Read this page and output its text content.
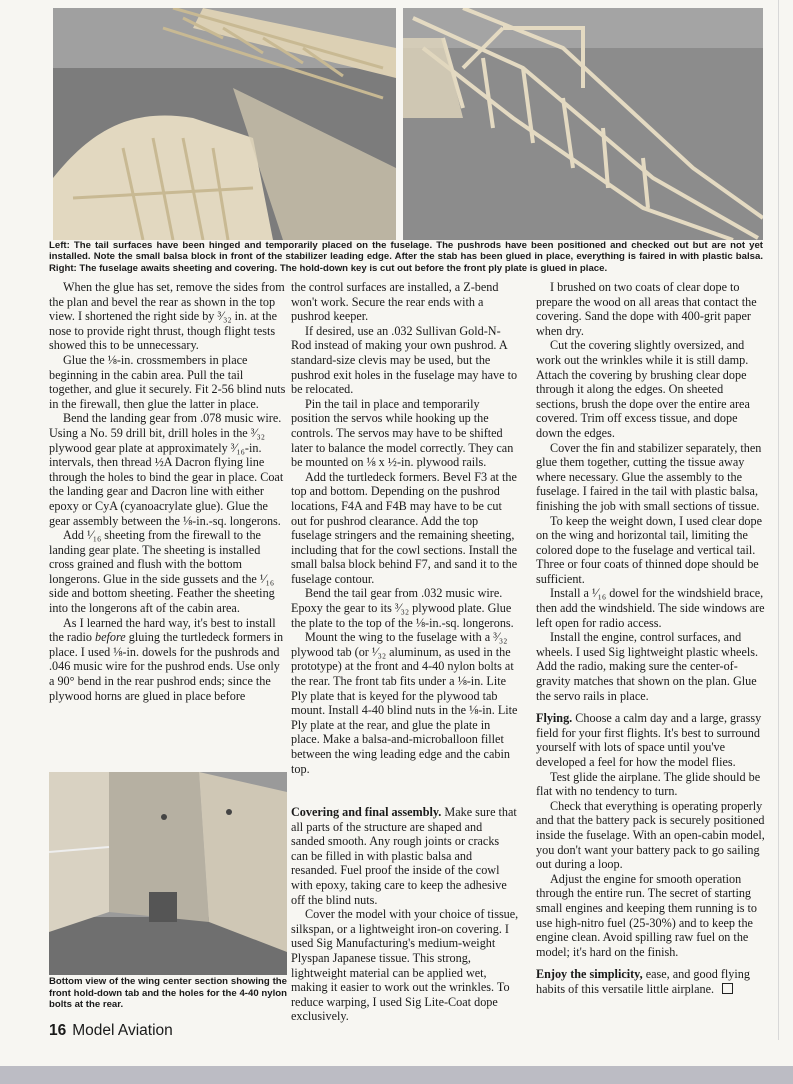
Left: The tail surfaces have been hinged and temporarily placed on the fuselage. The pushrods have been positioned and checked out but are not yet installed. Note the small balsa block in front of the stabilizer leading edge. After the stab has been glued in place, everything is faired in with plastic balsa. Right: The fuselage awaits sheeting and covering. The hold-down key is cut out before the front ply plate is glued in place.
Bottom view of the wing center section showing the front hold-down tab and the holes for the 4-40 nylon bolts at the rear.

When the glue has set, remove the sides from the plan and bevel the rear as shown in the top view. I shortened the right side by ³⁄₃₂ in. at the nose to provide right thrust, though flight tests showed this to be unnecessary.

Glue the ⅛-in. crossmembers in place beginning in the cabin area. Pull the tail together, and glue it securely. Fit 2-56 blind nuts in the firewall, then glue the latter in place.

Bend the landing gear from .078 music wire. Using a No. 59 drill bit, drill holes in the ³⁄₃₂ plywood gear plate at approximately ³⁄₁₆-in. intervals, then thread ½A Dacron flying line through the holes to bind the gear in place. Coat the landing gear and Dacron line with either epoxy or CyA (cyanoacrylate glue). Glue the gear assembly between the ⅛-in.-sq. longerons.

Add ¹⁄₁₆ sheeting from the firewall to the landing gear plate. The sheeting is installed cross grained and flush with the bottom longerons. Glue in the side gussets and the ¹⁄₁₆ side and bottom sheeting. Feather the sheeting into the longerons aft of the cabin area.

As I learned the hard way, it's best to install the radio before gluing the turtledeck formers in place. I used ⅛-in. dowels for the pushrods and .046 music wire for the pushrod ends. Use only a 90° bend in the rear pushrod ends; since the plywood horns are glued in place before

the control surfaces are installed, a Z-bend won't work. Secure the rear ends with a pushrod keeper.

If desired, use an .032 Sullivan Gold-N-Rod instead of making your own pushrod. A standard-size clevis may be used, but the pushrod exit holes in the fuselage may have to be relocated.

Pin the tail in place and temporarily position the servos while hooking up the controls. The servos may have to be shifted later to balance the model correctly. They can be mounted on ⅛ x ½-in. plywood rails.

Add the turtledeck formers. Bevel F3 at the top and bottom. Depending on the pushrod locations, F4A and F4B may have to be cut out for pushrod clearance. Add the top fuselage stringers and the remaining sheeting, including that for the cowl sections. Install the small balsa block behind F7, and sand it to the fuselage contour.

Bend the tail gear from .032 music wire. Epoxy the gear to its ³⁄₃₂ plywood plate. Glue the plate to the top of the ⅛-in.-sq. longerons.

Mount the wing to the fuselage with a ³⁄₃₂ plywood tab (or ¹⁄₃₂ aluminum, as used in the prototype) at the front and 4-40 nylon bolts at the rear. The front tab fits under a ⅛-in. Lite Ply plate that is keyed for the plywood tab mount. Install 4-40 blind nuts in the ⅛-in. Lite Ply plate at the rear, and glue the plate in place. Make a balsa-and-microballoon fillet between the wing leading edge and the cabin top.

Covering and final assembly. Make sure that all parts of the structure are shaped and sanded smooth. Any rough joints or cracks can be filled in with plastic balsa and resanded. Fuel proof the inside of the cowl with epoxy, taking care to keep the adhesive off the blind nuts.

Cover the model with your choice of tissue, silkspan, or a lightweight iron-on covering. I used Sig Manufacturing's medium-weight Plyspan Japanese tissue. This strong, lightweight material can be applied wet, making it easier to work out the wrinkles. To reduce warping, I used Sig Lite-Coat dope exclusively.

I brushed on two coats of clear dope to prepare the wood on all areas that contact the covering. Sand the dope with 400-grit paper when dry.

Cut the covering slightly oversized, and work out the wrinkles while it is still damp. Attach the covering by brushing clear dope through it along the edges. On sheeted sections, brush the dope over the entire area covered. Trim off excess tissue, and dope down the edges.

Cover the fin and stabilizer separately, then glue them together, cutting the tissue away where necessary. Glue the assembly to the fuselage. I faired in the tail with plastic balsa, finishing the job with small sections of tissue.

To keep the weight down, I used clear dope on the wing and horizontal tail, limiting the colored dope to the fuselage and vertical tail. Three or four coats of thinned dope should be sufficient.

Install a ¹⁄₁₆ dowel for the windshield brace, then add the windshield. The side windows are left open for radio access.

Install the engine, control surfaces, and wheels. I used Sig lightweight plastic wheels. Add the radio, making sure the center-of-gravity matches that shown on the plan. Glue the servo rails in place.

Flying. Choose a calm day and a large, grassy field for your first flights. It's best to surround yourself with lots of space until you've developed a feel for how the model flies.

Test glide the airplane. The glide should be flat with no tendency to turn.

Check that everything is operating properly and that the battery pack is securely positioned inside the fuselage. With an open-cabin model, you don't want your battery pack to go sailing out during a loop.

Adjust the engine for smooth operation through the entire run. The secret of starting small engines and keeping them running is to use high-nitro fuel (25-30%) and to keep the engine clean. Avoid spilling raw fuel on the model; it's hard on the finish.

Enjoy the simplicity, ease, and good flying habits of this versatile little airplane.

16 Model Aviation
